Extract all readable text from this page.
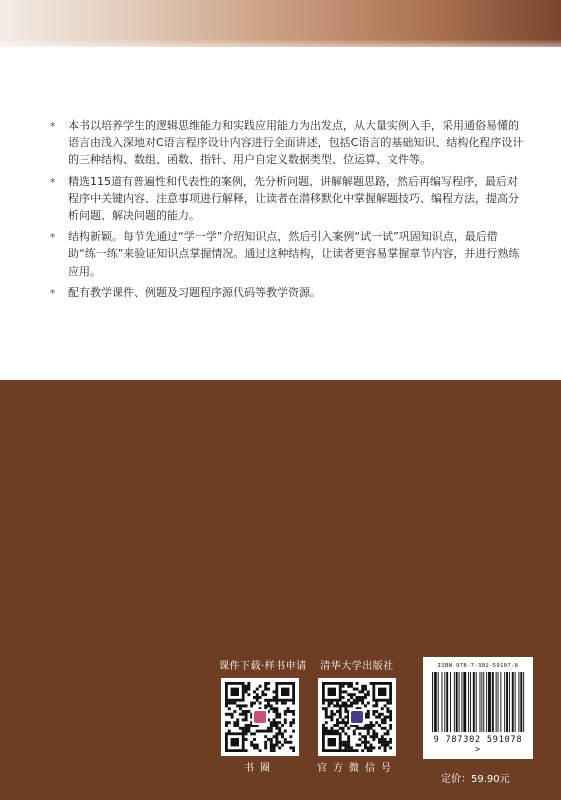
* 本书以培养学生的逻辑思维能力和实践应用能力为出发点，从大量实例入手，采用通俗易懂的语言由浅入深地对C语言程序设计内容进行全面讲述，包括C语言的基础知识、结构化程序设计的三种结构、数组、函数、指针、用户自定义数据类型、位运算、文件等。
* 精选115道有普遍性和代表性的案例，先分析问题、讲解解题思路，然后再编写程序，最后对程序中关键内容、注意事项进行解释，让读者在潜移默化中掌握解题技巧、编程方法，提高分析问题、解决问题的能力。
* 结构新颖。每节先通过“学一学”介绍知识点，然后引入案例“试一试”巩固知识点，最后借助“练一练”来验证知识点掌握情况。通过这种结构，让读者更容易掌握章节内容，并进行熟练应用。
* 配有教学课件、例题及习题程序源代码等教学资源。
课件下载·样书申请
书圈
清华大学出版社
官方微信号
ISBN 978-7-302-59107-8
9 787302 591078 >
定价：59.90元
